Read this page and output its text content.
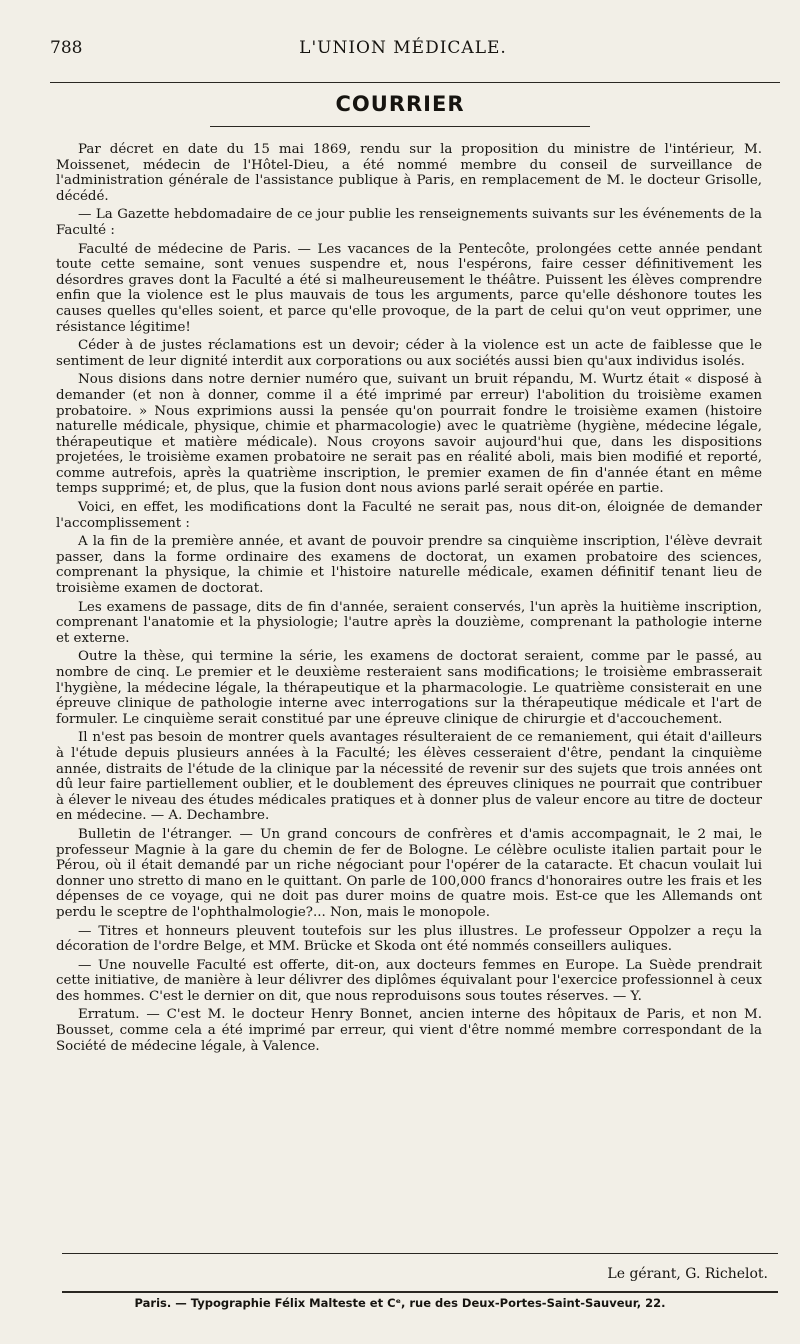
788	L'UNION MÉDICALE.
COURRIER

Par décret en date du 15 mai 1869, rendu sur la proposition du ministre de l'intérieur, M. Moissenet, médecin de l'Hôtel-Dieu, a été nommé membre du conseil de surveillance de l'administration générale de l'assistance publique à Paris, en remplacement de M. le docteur Grisolle, décédé.

— La Gazette hebdomadaire de ce jour publie les renseignements suivants sur les événements de la Faculté :

Faculté de médecine de Paris. — Les vacances de la Pentecôte, prolongées cette année pendant toute cette semaine, sont venues suspendre et, nous l'espérons, faire cesser définitivement les désordres graves dont la Faculté a été si malheureusement le théâtre. Puissent les élèves comprendre enfin que la violence est le plus mauvais de tous les arguments, parce qu'elle déshonore toutes les causes quelles qu'elles soient, et parce qu'elle provoque, de la part de celui qu'on veut opprimer, une résistance légitime!

Céder à de justes réclamations est un devoir; céder à la violence est un acte de faiblesse que le sentiment de leur dignité interdit aux corporations ou aux sociétés aussi bien qu'aux individus isolés.

Nous disions dans notre dernier numéro que, suivant un bruit répandu, M. Wurtz était « disposé à demander (et non à donner, comme il a été imprimé par erreur) l'abolition du troisième examen probatoire. » Nous exprimions aussi la pensée qu'on pourrait fondre le troisième examen (histoire naturelle médicale, physique, chimie et pharmacologie) avec le quatrième (hygiène, médecine légale, thérapeutique et matière médicale). Nous croyons savoir aujourd'hui que, dans les dispositions projetées, le troisième examen probatoire ne serait pas en réalité aboli, mais bien modifié et reporté, comme autrefois, après la quatrième inscription, le premier examen de fin d'année étant en même temps supprimé; et, de plus, que la fusion dont nous avions parlé serait opérée en partie.

Voici, en effet, les modifications dont la Faculté ne serait pas, nous dit-on, éloignée de demander l'accomplissement :

A la fin de la première année, et avant de pouvoir prendre sa cinquième inscription, l'élève devrait passer, dans la forme ordinaire des examens de doctorat, un examen probatoire des sciences, comprenant la physique, la chimie et l'histoire naturelle médicale, examen définitif tenant lieu de troisième examen de doctorat.

Les examens de passage, dits de fin d'année, seraient conservés, l'un après la huitième inscription, comprenant l'anatomie et la physiologie; l'autre après la douzième, comprenant la pathologie interne et externe.

Outre la thèse, qui termine la série, les examens de doctorat seraient, comme par le passé, au nombre de cinq. Le premier et le deuxième resteraient sans modifications; le troisième embrasserait l'hygiène, la médecine légale, la thérapeutique et la pharmacologie. Le quatrième consisterait en une épreuve clinique de pathologie interne avec interrogations sur la thérapeutique médicale et l'art de formuler. Le cinquième serait constitué par une épreuve clinique de chirurgie et d'accouchement.

Il n'est pas besoin de montrer quels avantages résulteraient de ce remaniement, qui était d'ailleurs à l'étude depuis plusieurs années à la Faculté; les élèves cesseraient d'être, pendant la cinquième année, distraits de l'étude de la clinique par la nécessité de revenir sur des sujets que trois années ont dû leur faire partiellement oublier, et le doublement des épreuves cliniques ne pourrait que contribuer à élever le niveau des études médicales pratiques et à donner plus de valeur encore au titre de docteur en médecine. — A. Dechambre.

Bulletin de l'étranger. — Un grand concours de confrères et d'amis accompagnait, le 2 mai, le professeur Magnie à la gare du chemin de fer de Bologne. Le célèbre oculiste italien partait pour le Pérou, où il était demandé par un riche négociant pour l'opérer de la cataracte. Et chacun voulait lui donner uno stretto di mano en le quittant. On parle de 100,000 francs d'honoraires outre les frais et les dépenses de ce voyage, qui ne doit pas durer moins de quatre mois. Est-ce que les Allemands ont perdu le sceptre de l'ophthalmologie?... Non, mais le monopole.

— Titres et honneurs pleuvent toutefois sur les plus illustres. Le professeur Oppolzer a reçu la décoration de l'ordre Belge, et MM. Brücke et Skoda ont été nommés conseillers auliques.

— Une nouvelle Faculté est offerte, dit-on, aux docteurs femmes en Europe. La Suède prendrait cette initiative, de manière à leur délivrer des diplômes équivalant pour l'exercice professionnel à ceux des hommes. C'est le dernier on dit, que nous reproduisons sous toutes réserves. — Y.

Erratum. — C'est M. le docteur Henry Bonnet, ancien interne des hôpitaux de Paris, et non M. Bousset, comme cela a été imprimé par erreur, qui vient d'être nommé membre correspondant de la Société de médecine légale, à Valence.

Le gérant, G. Richelot.
Paris. — Typographie Félix Malteste et Cᵉ, rue des Deux-Portes-Saint-Sauveur, 22.
